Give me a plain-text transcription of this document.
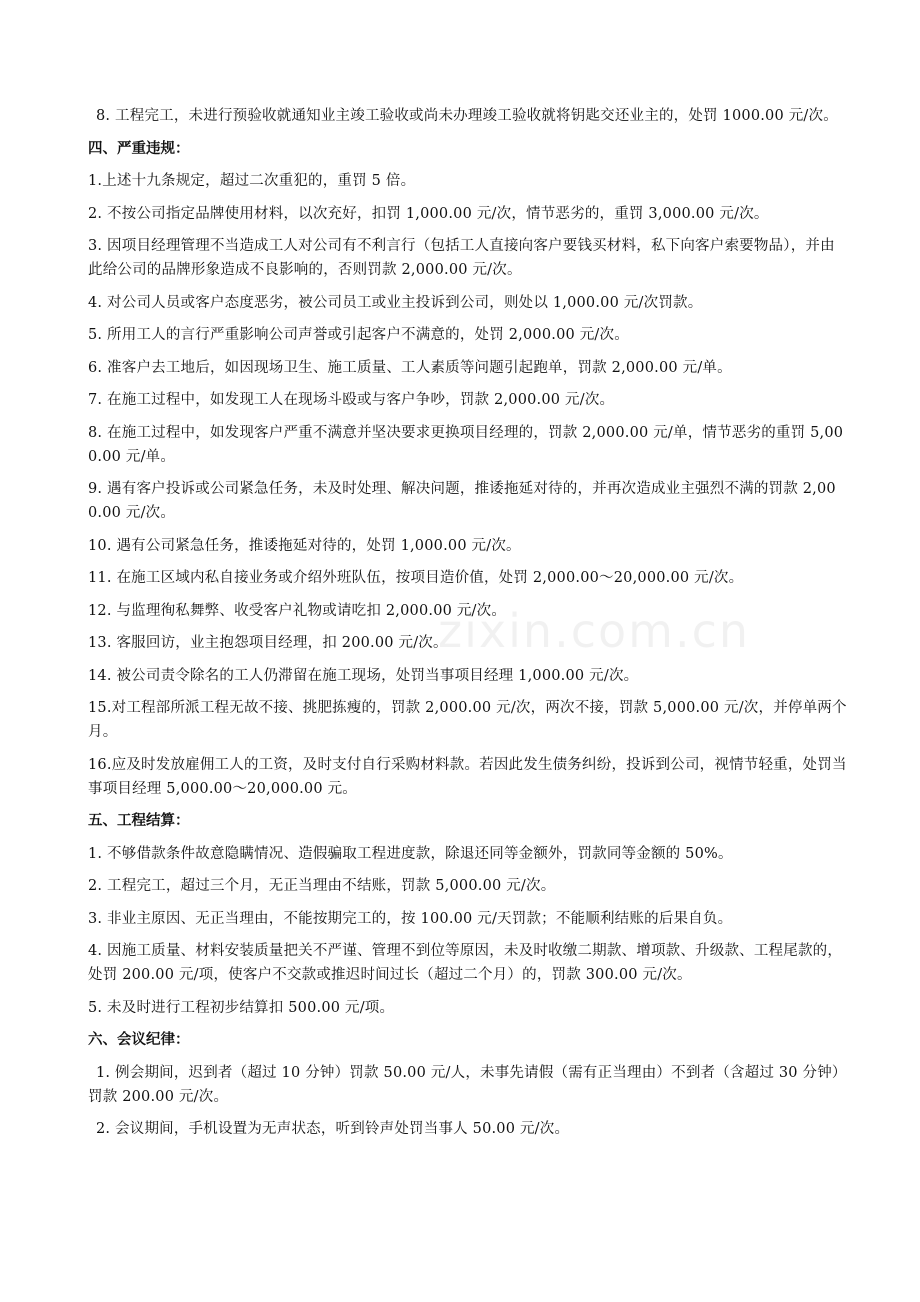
zixin.com.cn

8. 工程完工，未进行预验收就通知业主竣工验收或尚未办理竣工验收就将钥匙交还业主的，处罚 1000.00 元/次。

四、严重违规：

1.上述十九条规定，超过二次重犯的，重罚 5 倍。

2. 不按公司指定品牌使用材料，以次充好，扣罚 1,000.00 元/次，情节恶劣的，重罚 3,000.00 元/次。

3. 因项目经理管理不当造成工人对公司有不利言行（包括工人直接向客户要钱买材料，私下向客户索要物品），并由此给公司的品牌形象造成不良影响的，否则罚款 2,000.00 元/次。

4. 对公司人员或客户态度恶劣，被公司员工或业主投诉到公司，则处以 1,000.00 元/次罚款。

5. 所用工人的言行严重影响公司声誉或引起客户不满意的，处罚 2,000.00 元/次。

6. 准客户去工地后，如因现场卫生、施工质量、工人素质等问题引起跑单，罚款 2,000.00 元/单。

7. 在施工过程中，如发现工人在现场斗殴或与客户争吵，罚款 2,000.00 元/次。

8. 在施工过程中，如发现客户严重不满意并坚决要求更换项目经理的，罚款 2,000.00 元/单，情节恶劣的重罚 5,000.00 元/单。

9. 遇有客户投诉或公司紧急任务，未及时处理、解决问题，推诿拖延对待的，并再次造成业主强烈不满的罚款 2,000.00 元/次。

10. 遇有公司紧急任务，推诿拖延对待的，处罚 1,000.00 元/次。

11. 在施工区域内私自接业务或介绍外班队伍，按项目造价值，处罚 2,000.00～20,000.00 元/次。

12. 与监理徇私舞弊、收受客户礼物或请吃扣 2,000.00 元/次。

13. 客服回访，业主抱怨项目经理，扣 200.00 元/次。

14. 被公司责令除名的工人仍滞留在施工现场，处罚当事项目经理 1,000.00 元/次。

15.对工程部所派工程无故不接、挑肥拣瘦的，罚款 2,000.00 元/次，两次不接，罚款 5,000.00 元/次，并停单两个月。

16.应及时发放雇佣工人的工资，及时支付自行采购材料款。若因此发生债务纠纷，投诉到公司，视情节轻重，处罚当事项目经理 5,000.00～20,000.00 元。

五、工程结算：

1. 不够借款条件故意隐瞒情况、造假骗取工程进度款，除退还同等金额外，罚款同等金额的 50%。

2. 工程完工，超过三个月，无正当理由不结账，罚款 5,000.00 元/次。

3. 非业主原因、无正当理由，不能按期完工的，按 100.00 元/天罚款；不能顺利结账的后果自负。

4. 因施工质量、材料安装质量把关不严谨、管理不到位等原因，未及时收缴二期款、增项款、升级款、工程尾款的，处罚 200.00 元/项，使客户不交款或推迟时间过长（超过二个月）的，罚款 300.00 元/次。

5. 未及时进行工程初步结算扣 500.00 元/项。

六、会议纪律：

1. 例会期间，迟到者（超过 10 分钟）罚款 50.00 元/人，未事先请假（需有正当理由）不到者（含超过 30 分钟）罚款 200.00 元/次。

2. 会议期间，手机设置为无声状态，听到铃声处罚当事人 50.00 元/次。
